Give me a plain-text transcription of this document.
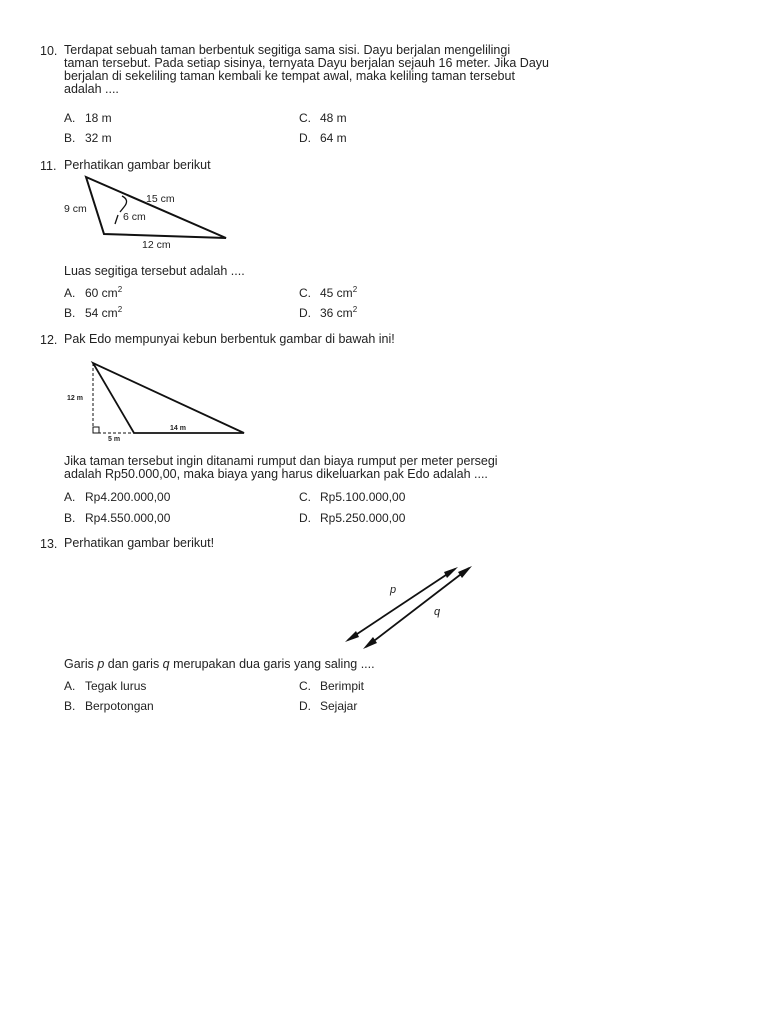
10. Terdapat sebuah taman berbentuk segitiga sama sisi. Dayu berjalan mengelilingi
taman tersebut. Pada setiap sisinya, ternyata Dayu berjalan sejauh 16 meter. Jika Dayu
berjalan di sekeliling taman kembali ke tempat awal, maka keliling taman tersebut
adalah ....
A. 18 m
B. 32 m
C. 48 m
D. 64 m
11. Perhatikan gambar berikut
9 cm
15 cm
6 cm
12 cm
Luas segitiga tersebut adalah ....
A. 60 $cm^2$
B. 54 $cm^2$
C. 45 $cm^2$
D. 36 $cm^2$
12. Pak Edo mempunyai kebun berbentuk gambar di bawah ini!
12 m
14 m
5 m
Jika taman tersebut ingin ditanami rumput dan biaya rumput per meter persegi
adalah Rp50.000,00, maka biaya yang harus dikeluarkan pak Edo adalah ....
A. Rp4.200.000,00
B. Rp4.550.000,00
C. Rp5.100.000,00
D. Rp5.250.000,00
13. Perhatikan gambar berikut!
p
q
Garis p dan garis q merupakan dua garis yang saling ....
A. Tegak lurus
B. Berpotongan
C. Berimpit
D. Sejajar
